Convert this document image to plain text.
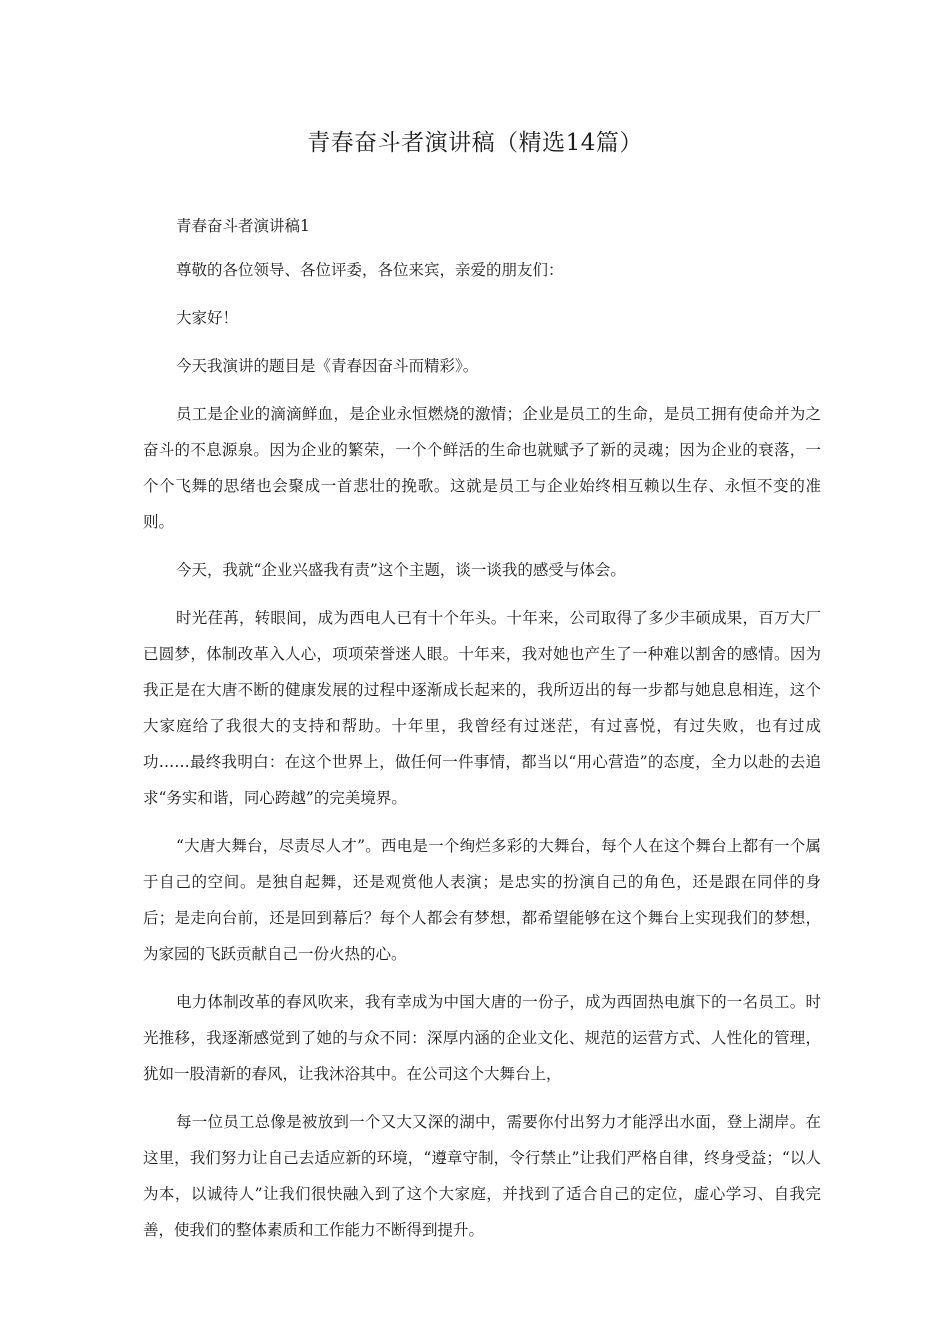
青春奋斗者演讲稿（精选14篇）

青春奋斗者演讲稿1

尊敬的各位领导、各位评委，各位来宾，亲爱的朋友们：

大家好！

今天我演讲的题目是《青春因奋斗而精彩》。

员工是企业的滴滴鲜血，是企业永恒燃烧的激情；企业是员工的生命，是员工拥有使命并为之奋斗的不息源泉。因为企业的繁荣，一个个鲜活的生命也就赋予了新的灵魂；因为企业的衰落，一个个飞舞的思绪也会聚成一首悲壮的挽歌。这就是员工与企业始终相互赖以生存、永恒不变的准则。

今天，我就“企业兴盛我有责”这个主题，谈一谈我的感受与体会。

时光荏苒，转眼间，成为西电人已有十个年头。十年来，公司取得了多少丰硕成果，百万大厂已圆梦，体制改革入人心，项项荣誉迷人眼。十年来，我对她也产生了一种难以割舍的感情。因为我正是在大唐不断的健康发展的过程中逐渐成长起来的，我所迈出的每一步都与她息息相连，这个大家庭给了我很大的支持和帮助。十年里，我曾经有过迷茫，有过喜悦，有过失败，也有过成功……最终我明白：在这个世界上，做任何一件事情，都当以“用心营造”的态度，全力以赴的去追求“务实和谐，同心跨越”的完美境界。

“大唐大舞台，尽责尽人才”。西电是一个绚烂多彩的大舞台，每个人在这个舞台上都有一个属于自己的空间。是独自起舞，还是观赏他人表演；是忠实的扮演自己的角色，还是跟在同伴的身后；是走向台前，还是回到幕后？每个人都会有梦想，都希望能够在这个舞台上实现我们的梦想，为家园的飞跃贡献自己一份火热的心。

电力体制改革的春风吹来，我有幸成为中国大唐的一份子，成为西固热电旗下的一名员工。时光推移，我逐渐感觉到了她的与众不同：深厚内涵的企业文化、规范的运营方式、人性化的管理，犹如一股清新的春风，让我沐浴其中。在公司这个大舞台上，

每一位员工总像是被放到一个又大又深的湖中，需要你付出努力才能浮出水面，登上湖岸。在这里，我们努力让自己去适应新的环境，“遵章守制，令行禁止”让我们严格自律，终身受益；“以人为本，以诚待人”让我们很快融入到了这个大家庭，并找到了适合自己的定位，虚心学习、自我完善，使我们的整体素质和工作能力不断得到提升。
